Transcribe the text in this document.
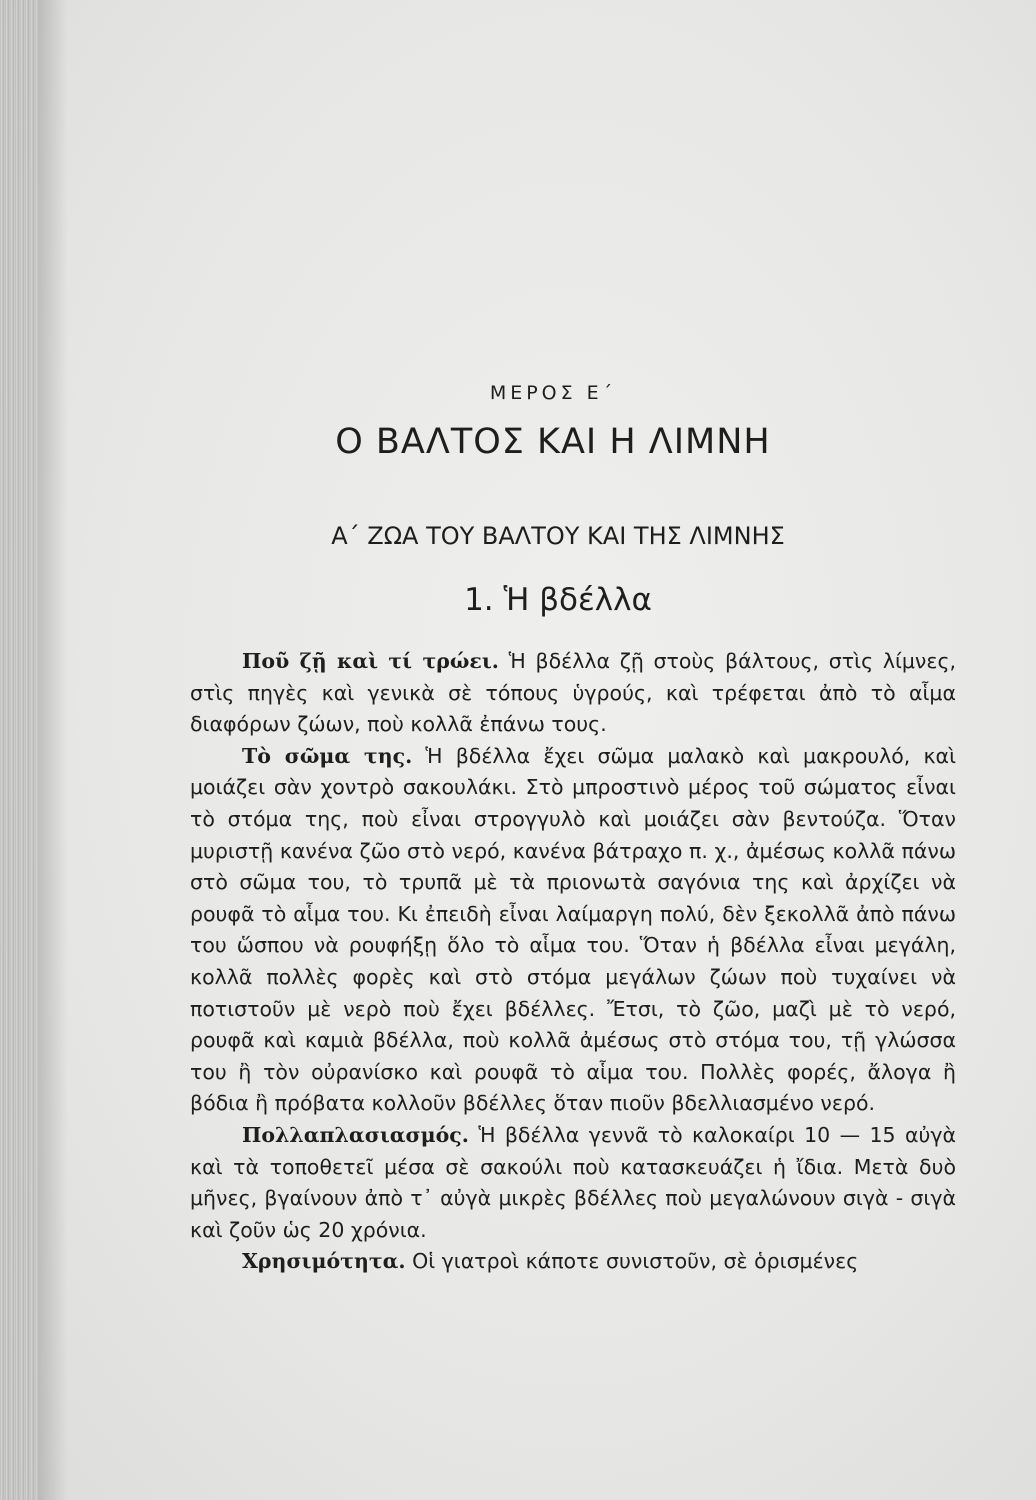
ΜΕΡΟΣ Ε΄
Ο ΒΑΛΤΟΣ ΚΑΙ Η ΛΙΜΝΗ
Α΄ ΖΩΑ ΤΟΥ ΒΑΛΤΟΥ ΚΑΙ ΤΗΣ ΛΙΜΝΗΣ
1. Ἡ βδέλλα

Ποῦ ζῇ καὶ τί τρώει. Ἡ βδέλλα ζῇ στοὺς βάλτους, στὶς λίμνες, στὶς πηγὲς καὶ γενικὰ σὲ τόπους ὑγρούς, καὶ τρέφεται ἀπὸ τὸ αἷμα διαφόρων ζώων, ποὺ κολλᾶ ἐπάνω τους.

Τὸ σῶμα της. Ἡ βδέλλα ἔχει σῶμα μαλακὸ καὶ μακρουλό, καὶ μοιάζει σὰν χοντρὸ σακουλάκι. Στὸ μπροστινὸ μέρος τοῦ σώματος εἶναι τὸ στόμα της, ποὺ εἶναι στρογγυλὸ καὶ μοιάζει σὰν βεντούζα. Ὅταν μυριστῇ κανένα ζῶο στὸ νερό, κανένα βάτραχο π. χ., ἀμέσως κολλᾶ πάνω στὸ σῶμα του, τὸ τρυπᾶ μὲ τὰ πριονωτὰ σαγόνια της καὶ ἀρχίζει νὰ ρουφᾶ τὸ αἷμα του. Κι ἐπειδὴ εἶναι λαίμαργη πολύ, δὲν ξεκολλᾶ ἀπὸ πάνω του ὥσπου νὰ ρουφήξῃ ὅλο τὸ αἷμα του. Ὅταν ἡ βδέλλα εἶναι μεγάλη, κολλᾶ πολλὲς φορὲς καὶ στὸ στόμα μεγάλων ζώων ποὺ τυχαίνει νὰ ποτιστοῦν μὲ νερὸ ποὺ ἔχει βδέλλες. Ἔτσι, τὸ ζῶο, μαζὶ μὲ τὸ νερό, ρουφᾶ καὶ καμιὰ βδέλλα, ποὺ κολλᾶ ἀμέσως στὸ στόμα του, τῇ γλώσσα του ἢ τὸν οὐρανίσκο καὶ ρουφᾶ τὸ αἷμα του. Πολλὲς φορές, ἄλογα ἢ βόδια ἢ πρόβατα κολλοῦν βδέλλες ὅταν πιοῦν βδελλιασμένο νερό.

Πολλαπλασιασμός. Ἡ βδέλλα γεννᾶ τὸ καλοκαίρι 10 — 15 αὐγὰ καὶ τὰ τοποθετεῖ μέσα σὲ σακούλι ποὺ κατασκευάζει ἡ ἴδια. Μετὰ δυὸ μῆνες, βγαίνουν ἀπὸ τ᾽ αὐγὰ μικρὲς βδέλλες ποὺ μεγαλώνουν σιγὰ - σιγὰ καὶ ζοῦν ὡς 20 χρόνια.

Χρησιμότητα. Οἱ γιατροὶ κάποτε συνιστοῦν, σὲ ὁρισμένες
